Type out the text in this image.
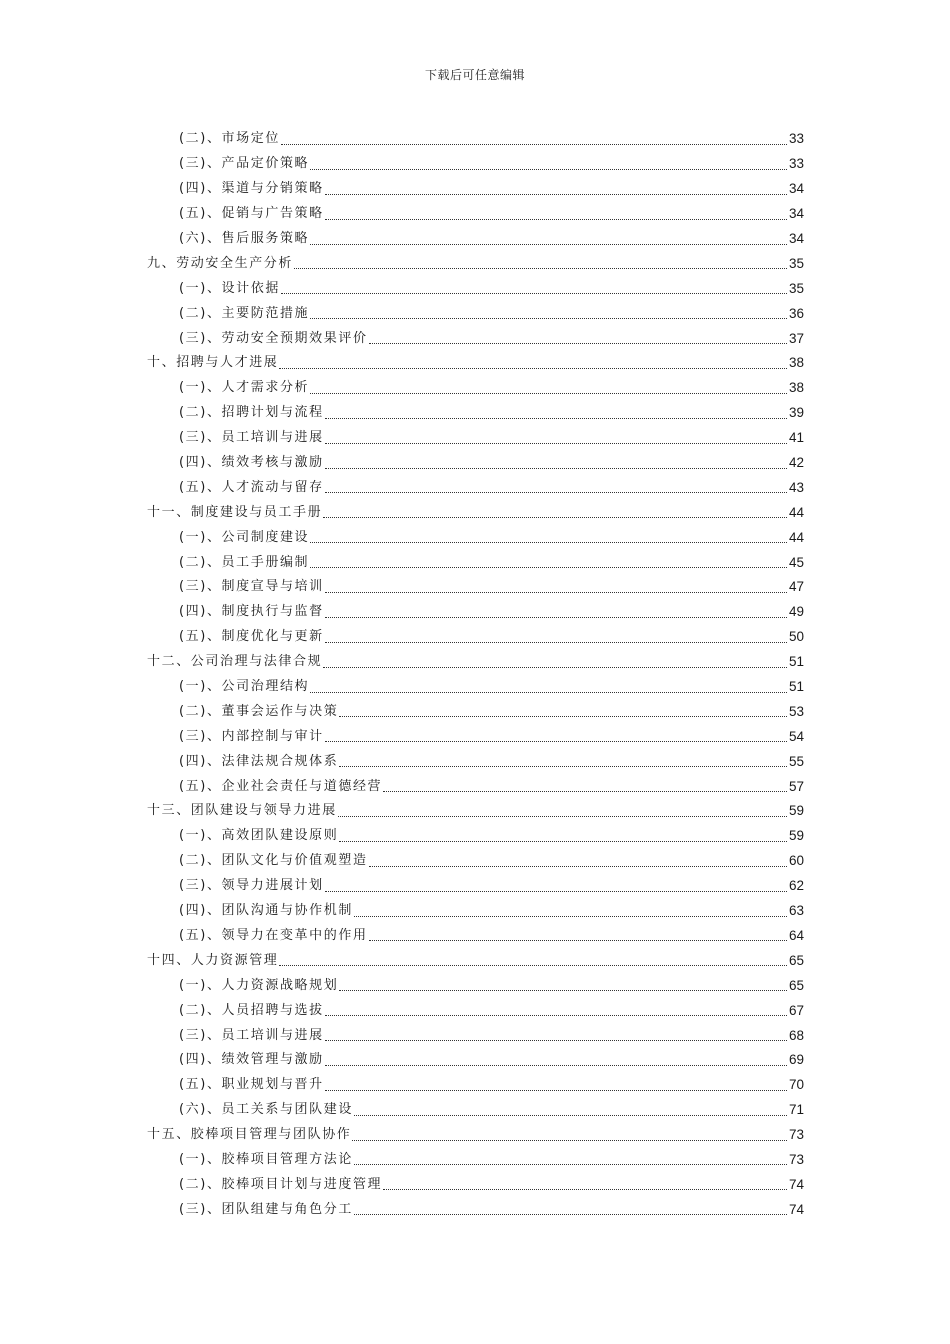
下载后可任意编辑
(二)、市场定位	33
(三)、产品定价策略	33
(四)、渠道与分销策略	34
(五)、促销与广告策略	34
(六)、售后服务策略	34
九、劳动安全生产分析	35
(一)、设计依据	35
(二)、主要防范措施	36
(三)、劳动安全预期效果评价	37
十、招聘与人才进展	38
(一)、人才需求分析	38
(二)、招聘计划与流程	39
(三)、员工培训与进展	41
(四)、绩效考核与激励	42
(五)、人才流动与留存	43
十一、制度建设与员工手册	44
(一)、公司制度建设	44
(二)、员工手册编制	45
(三)、制度宣导与培训	47
(四)、制度执行与监督	49
(五)、制度优化与更新	50
十二、公司治理与法律合规	51
(一)、公司治理结构	51
(二)、董事会运作与决策	53
(三)、内部控制与审计	54
(四)、法律法规合规体系	55
(五)、企业社会责任与道德经营	57
十三、团队建设与领导力进展	59
(一)、高效团队建设原则	59
(二)、团队文化与价值观塑造	60
(三)、领导力进展计划	62
(四)、团队沟通与协作机制	63
(五)、领导力在变革中的作用	64
十四、人力资源管理	65
(一)、人力资源战略规划	65
(二)、人员招聘与选拔	67
(三)、员工培训与进展	68
(四)、绩效管理与激励	69
(五)、职业规划与晋升	70
(六)、员工关系与团队建设	71
十五、胶棒项目管理与团队协作	73
(一)、胶棒项目管理方法论	73
(二)、胶棒项目计划与进度管理	74
(三)、团队组建与角色分工	74
